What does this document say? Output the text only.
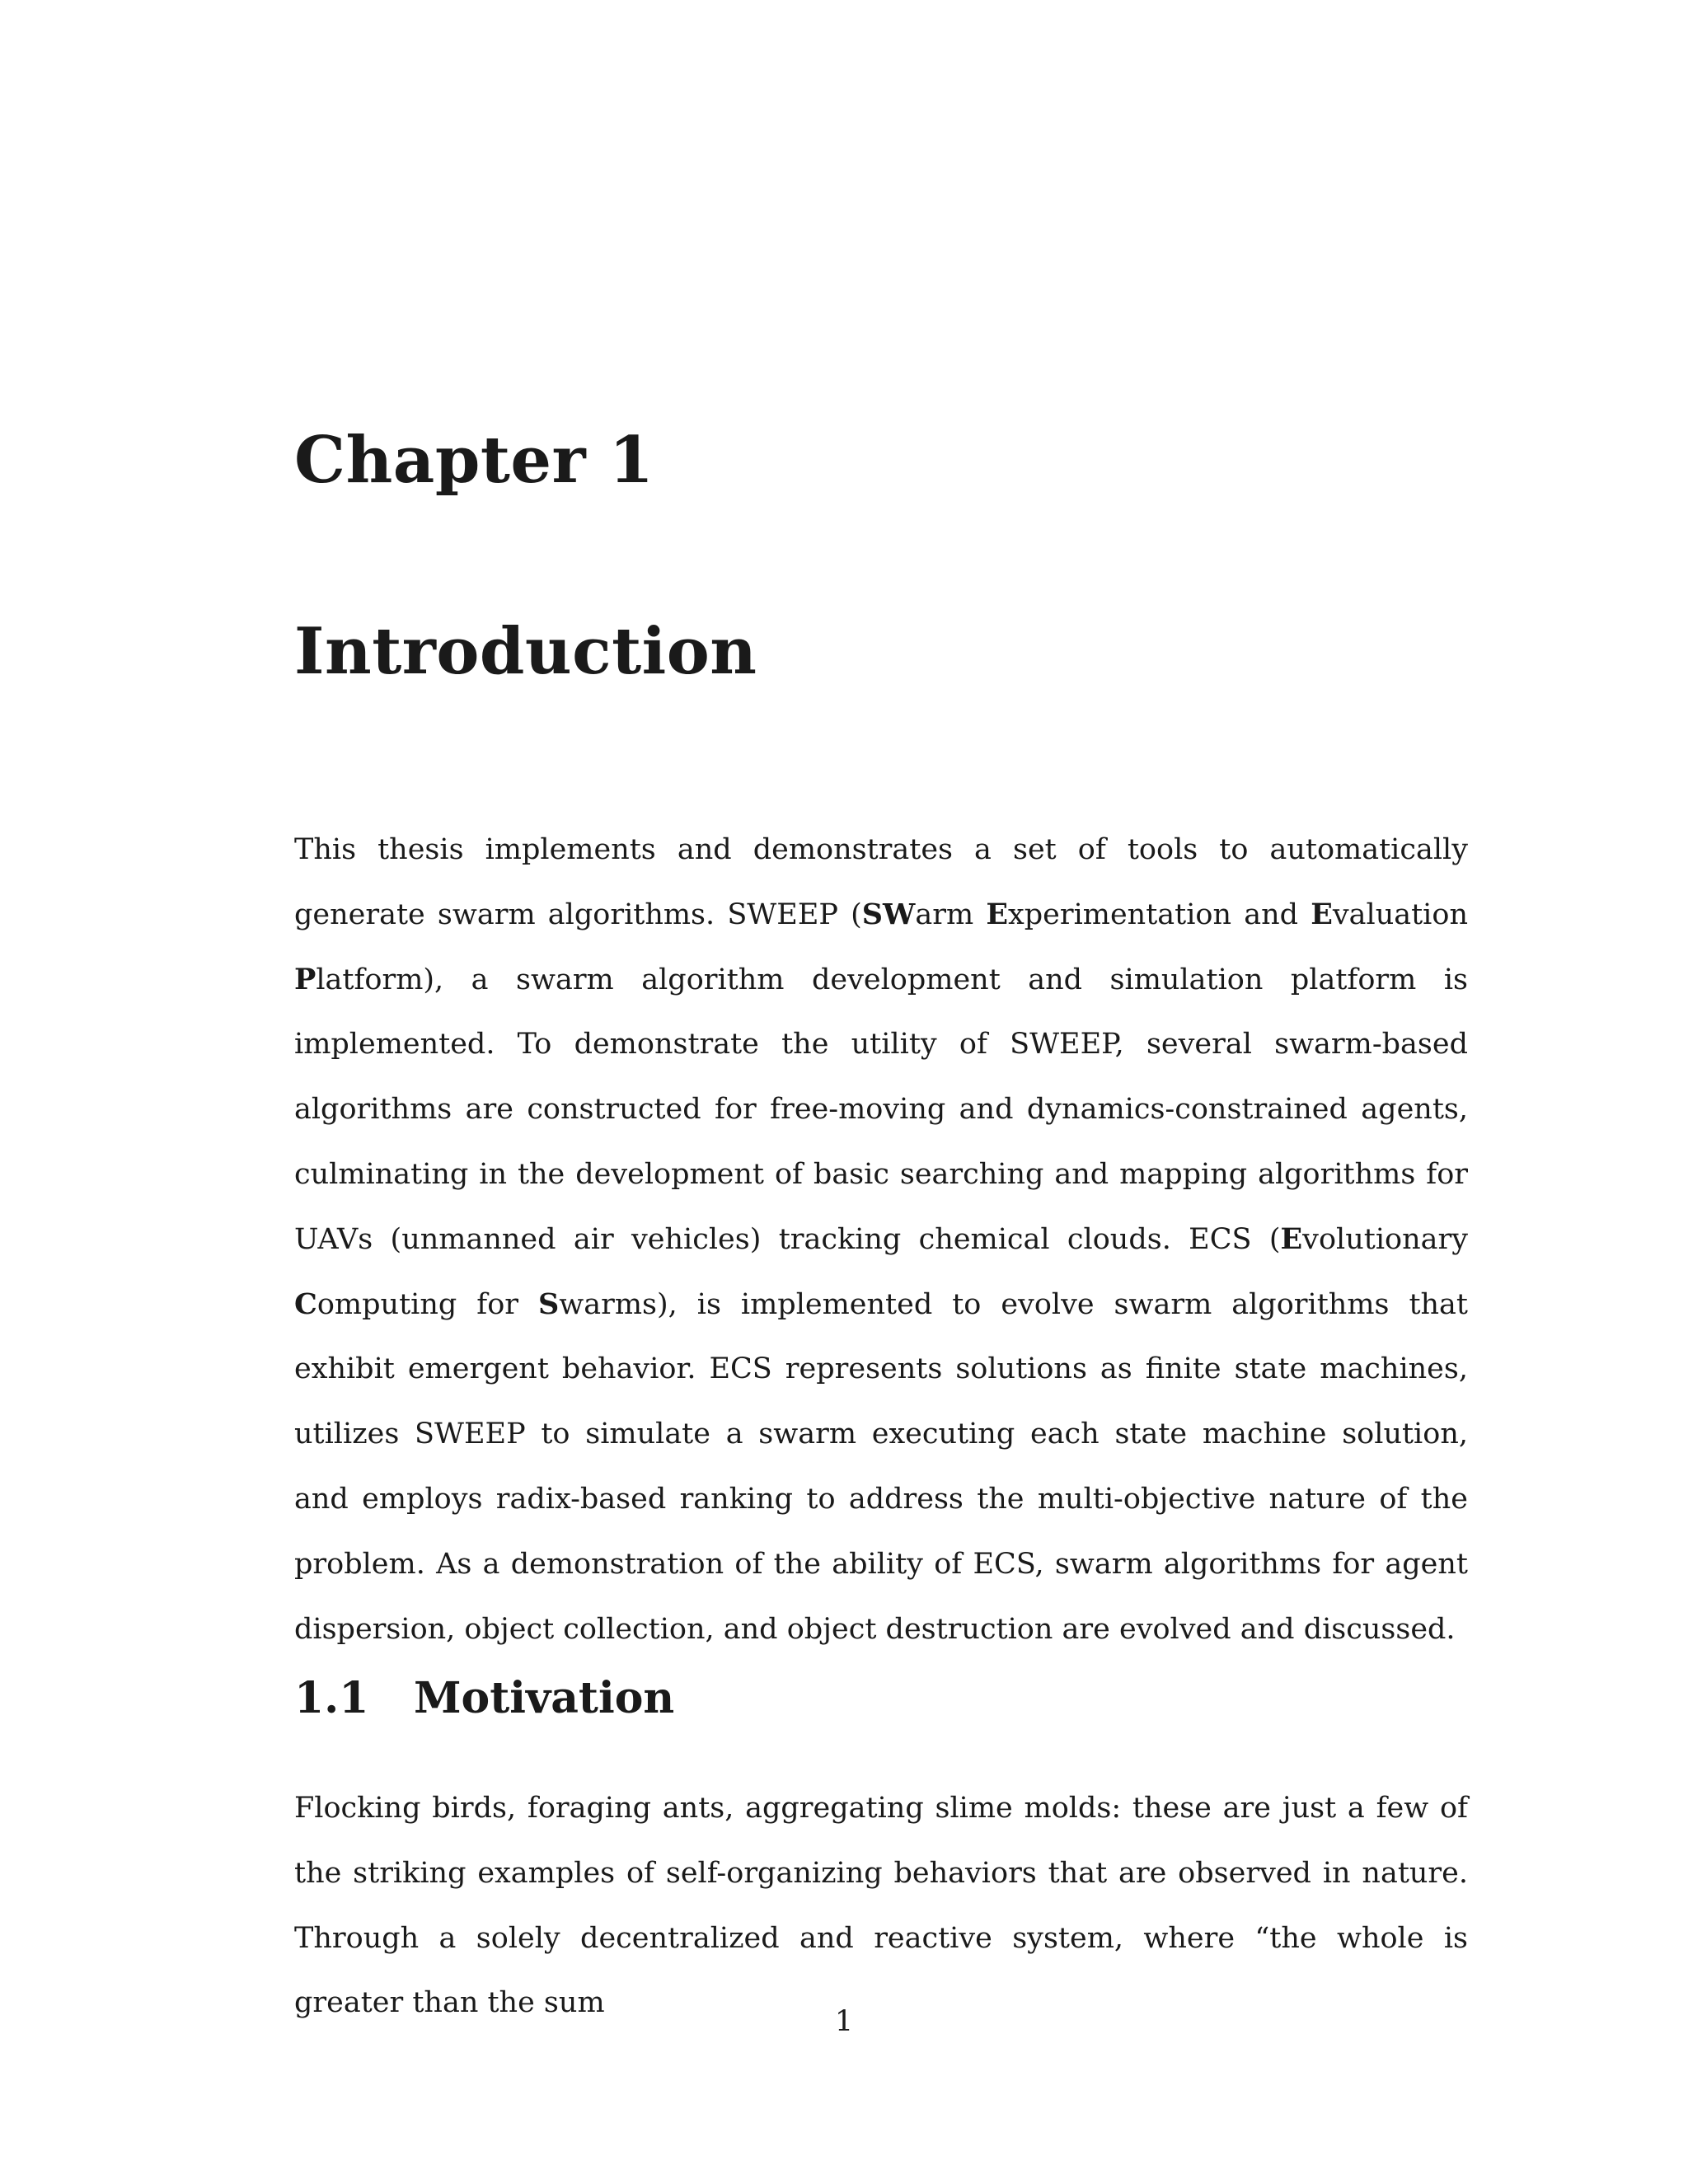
Chapter 1
Introduction

This thesis implements and demonstrates a set of tools to automatically generate swarm algorithms. SWEEP (SWarm Experimentation and Evaluation Platform), a swarm algorithm development and simulation platform is implemented. To demonstrate the utility of SWEEP, several swarm-based algorithms are constructed for free-moving and dynamics-constrained agents, culminating in the development of basic searching and mapping algorithms for UAVs (unmanned air vehicles) tracking chemical clouds. ECS (Evolutionary Computing for Swarms), is implemented to evolve swarm algorithms that exhibit emergent behavior. ECS represents solutions as finite state machines, utilizes SWEEP to simulate a swarm executing each state machine solution, and employs radix-based ranking to address the multi-objective nature of the problem. As a demonstration of the ability of ECS, swarm algorithms for agent dispersion, object collection, and object destruction are evolved and discussed.

1.1 Motivation

Flocking birds, foraging ants, aggregating slime molds: these are just a few of the striking examples of self-organizing behaviors that are observed in nature. Through a solely decentralized and reactive system, where “the whole is greater than the sum

1
